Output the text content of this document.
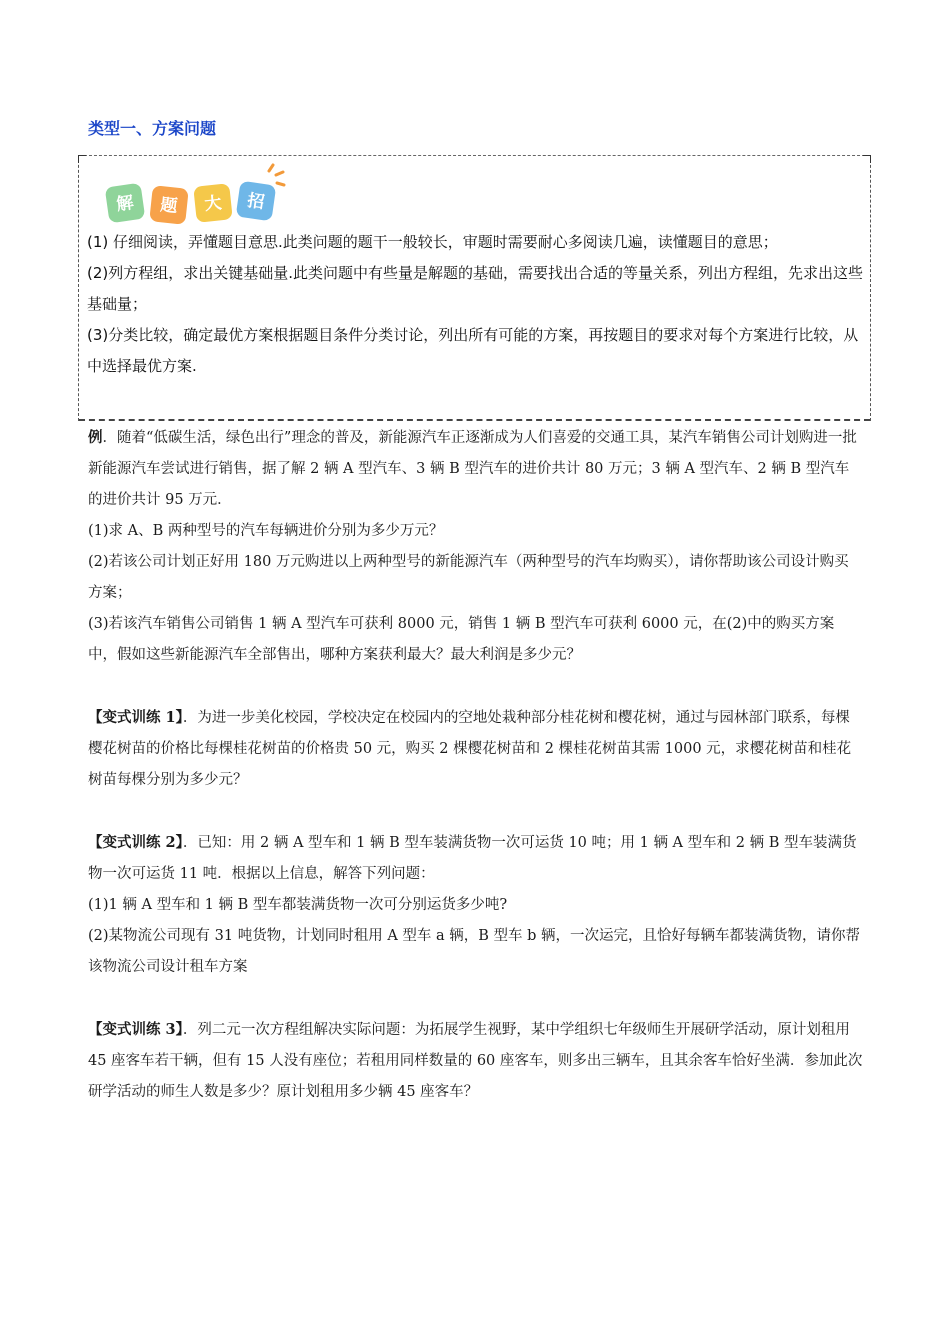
类型一、方案问题
解 题 大 招

(1) 仔细阅读，弄懂题目意思.此类问题的题干一般较长，审题时需要耐心多阅读几遍，读懂题目的意思；

(2)列方程组，求出关键基础量.此类问题中有些量是解题的基础，需要找出合适的等量关系，列出方程组，先求出这些基础量；

(3)分类比较，确定最优方案根据题目条件分类讨论，列出所有可能的方案，再按题目的要求对每个方案进行比较，从中选择最优方案.

例．随着“低碳生活，绿色出行”理念的普及，新能源汽车正逐渐成为人们喜爱的交通工具，某汽车销售公司计划购进一批新能源汽车尝试进行销售，据了解 2 辆 A 型汽车、3 辆 B 型汽车的进价共计 80 万元；3 辆 A 型汽车、2 辆 B 型汽车的进价共计 95 万元．

(1)求 A、B 两种型号的汽车每辆进价分别为多少万元？

(2)若该公司计划正好用 180 万元购进以上两种型号的新能源汽车（两种型号的汽车均购买），请你帮助该公司设计购买方案；

(3)若该汽车销售公司销售 1 辆 A 型汽车可获利 8000 元，销售 1 辆 B 型汽车可获利 6000 元，在(2)中的购买方案中，假如这些新能源汽车全部售出，哪种方案获利最大？最大利润是多少元？

【变式训练 1】．为进一步美化校园，学校决定在校园内的空地处栽种部分桂花树和樱花树，通过与园林部门联系，每棵樱花树苗的价格比每棵桂花树苗的价格贵 50 元，购买 2 棵樱花树苗和 2 棵桂花树苗其需 1000 元，求樱花树苗和桂花树苗每棵分别为多少元？

【变式训练 2】．已知：用 2 辆 A 型车和 1 辆 B 型车装满货物一次可运货 10 吨；用 1 辆 A 型车和 2 辆 B 型车装满货物一次可运货 11 吨．根据以上信息，解答下列问题：

(1)1 辆 A 型车和 1 辆 B 型车都装满货物一次可分别运货多少吨?

(2)某物流公司现有 31 吨货物，计划同时租用 A 型车 a 辆，B 型车 b 辆，一次运完，且恰好每辆车都装满货物，请你帮该物流公司设计租车方案

【变式训练 3】．列二元一次方程组解决实际问题：为拓展学生视野，某中学组织七年级师生开展研学活动，原计划租用 45 座客车若干辆，但有 15 人没有座位；若租用同样数量的 60 座客车，则多出三辆车，且其余客车恰好坐满．参加此次研学活动的师生人数是多少？原计划租用多少辆 45 座客车？
